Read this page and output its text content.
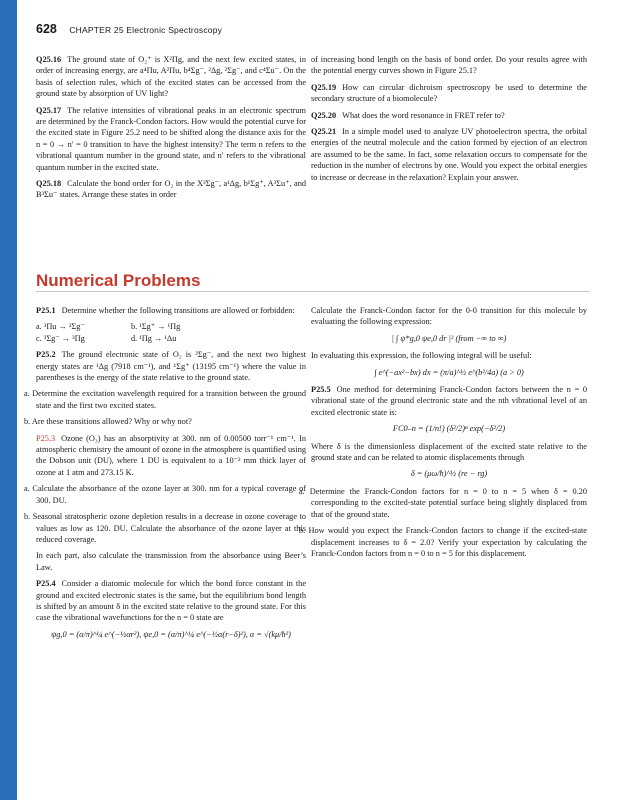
628 CHAPTER 25 Electronic Spectroscopy

Q25.16 The ground state of O₂⁺ is X²Πg, and the next few excited states, in order of increasing energy, are a⁴Πu, A²Πu, b⁴Σg⁻, ²Δg, ²Σg⁻, and c⁴Σu⁻. On the basis of selection rules, which of the excited states can be accessed from the ground state by absorption of UV light?

Q25.17 The relative intensities of vibrational peaks in an electronic spectrum are determined by the Franck-Condon factors. How would the potential curve for the excited state in Figure 25.2 need to be shifted along the distance axis for the n = 0 → n′ = 0 transition to have the highest intensity? The term n refers to the vibrational quantum number in the ground state, and n′ refers to the vibrational quantum number in the excited state.

Q25.18 Calculate the bond order for O₂ in the X³Σg⁻, a¹Δg, b¹Σg⁺, A³Σu⁺, and B³Σu⁻ states. Arrange these states in order

of increasing bond length on the basis of bond order. Do your results agree with the potential energy curves shown in Figure 25.1?

Q25.19 How can circular dichroism spectroscopy be used to determine the secondary structure of a biomolecule?

Q25.20 What does the word resonance in FRET refer to?

Q25.21 In a simple model used to analyze UV photoelectron spectra, the orbital energies of the neutral molecule and the cation formed by ejection of an electron are assumed to be the same. In fact, some relaxation occurs to compensate for the reduction in the number of electrons by one. Would you expect the orbital energies to increase or decrease in the relaxation? Explain your answer.

Numerical Problems

P25.1 Determine whether the following transitions are allowed or forbidden:

a. ³Πu → ³Σg⁻	b. ¹Σg⁺ → ¹Πg
c. ³Σg⁻ → ³Πg	d. ¹Πg → ¹Δu

P25.2 The ground electronic state of O₂ is ³Σg⁻, and the next two highest energy states are ¹Δg (7918 cm⁻¹), and ¹Σg⁺ (13195 cm⁻¹) where the value in parentheses is the energy of the state relative to the ground state.

a. Determine the excitation wavelength required for a transition between the ground state and the first two excited states.

b. Are these transitions allowed? Why or why not?

P25.3 Ozone (O₃) has an absorptivity at 300. nm of 0.00500 torr⁻¹ cm⁻¹. In atmospheric chemistry the amount of ozone in the atmosphere is quantified using the Dobson unit (DU), where 1 DU is equivalent to a 10⁻² mm thick layer of ozone at 1 atm and 273.15 K.

a. Calculate the absorbance of the ozone layer at 300. nm for a typical coverage of 300. DU.

b. Seasonal stratospheric ozone depletion results in a decrease in ozone coverage to values as low as 120. DU. Calculate the absorbance of the ozone layer at this reduced coverage.

In each part, also calculate the transmission from the absorbance using Beer’s Law.

P25.4 Consider a diatomic molecule for which the bond force constant in the ground and excited electronic states is the same, but the equilibrium bond length is shifted by an amount δ in the excited state relative to the ground state. For this case the vibrational wavefunctions for the n = 0 state are

ψg,0 = (α/π)^¼ e^(−½αr²), ψe,0 = (α/π)^¼ e^(−½α(r−δ)²), α = √(kμ/ħ²)

Calculate the Franck-Condon factor for the 0-0 transition for this molecule by evaluating the following expression:

| ∫ ψ*g,0 ψe,0 dr |² (from −∞ to ∞)

In evaluating this expression, the following integral will be useful:

∫ e^(−ax²−bx) dx = (π/a)^½ e^(b²/4a) (a > 0)

P25.5 One method for determining Franck-Condon factors between the n = 0 vibrational state of the ground electronic state and the nth vibrational level of an excited electronic state is:

FC0–n = (1/n!) (δ²/2)ⁿ exp(−δ²/2)

Where δ is the dimensionless displacement of the excited state relative to the ground state and can be related to atomic displacements through

δ = (μω/ħ)^½ (re − rg)

a. Determine the Franck-Condon factors for n = 0 to n = 5 when δ = 0.20 corresponding to the excited-state potential surface being slightly displaced from that of the ground state.

b. How would you expect the Franck-Condon factors to change if the excited-state displacement increases to δ = 2.0? Verify your expectation by calculating the Franck-Condon factors from n = 0 to n = 5 for this displacement.
